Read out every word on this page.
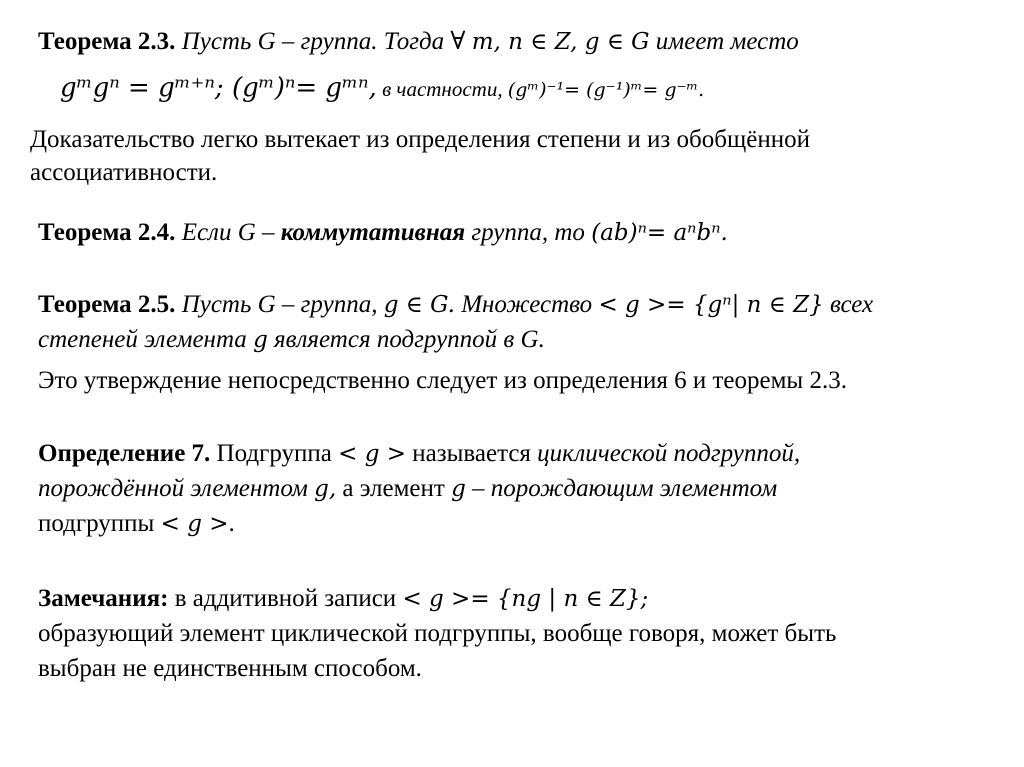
Теорема 2.3. Пусть G – группа. Тогда ∀ m, n ∈ Z, g ∈ G имеет место
gᵐgⁿ = gᵐ⁺ⁿ; (gᵐ)ⁿ= gᵐⁿ, в частности, (gᵐ)⁻¹= (g⁻¹)ᵐ= g⁻ᵐ.
Доказательство легко вытекает из определения степени и из обобщённой
ассоциативности.
Теорема 2.4. Если G – коммутативная группа, то (ab)ⁿ= aⁿbⁿ.
Теорема 2.5. Пусть G – группа, g ∈ G. Множество < g >= {gⁿ| n ∈ Z} всех
степеней элемента g является подгруппой в G.
Это утверждение непосредственно следует из определения 6 и теоремы 2.3.
Определение 7. Подгруппа < g > называется циклической подгруппой,
порождённой элементом g, а элемент g – порождающим элементом
подгруппы < g >.
Замечания: в аддитивной записи < g >= {ng | n ∈ Z};
образующий элемент циклической подгруппы, вообще говоря, может быть
выбран не единственным способом.
